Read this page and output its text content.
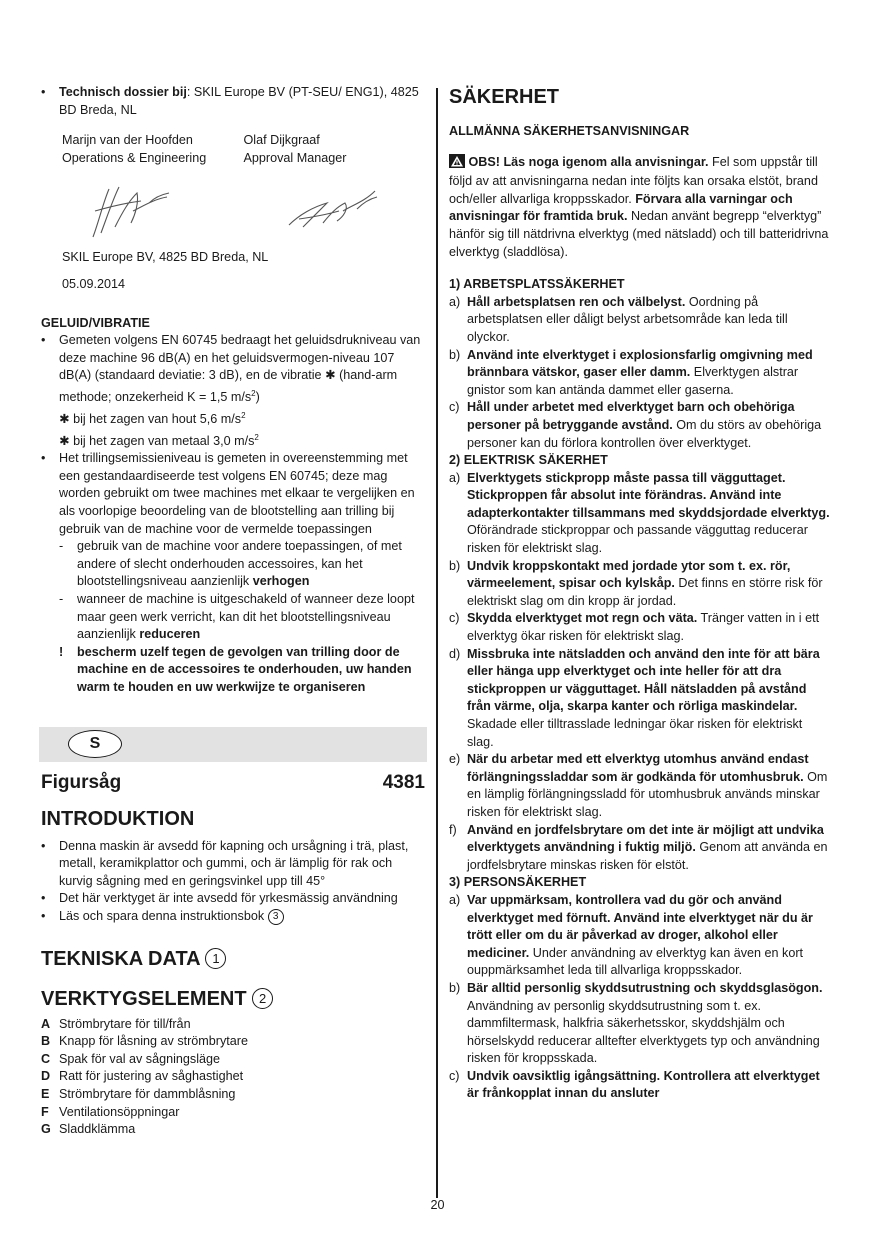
•	Technisch dossier bij: SKIL Europe BV (PT-SEU/ ENG1), 4825 BD Breda, NL
Marijn van der Hoofden
Operations & Engineering
Olaf Dijkgraaf
Approval Manager
SKIL Europe BV, 4825 BD Breda, NL
05.09.2014
GELUID/VIBRATIE
•	Gemeten volgens EN 60745 bedraagt het geluidsdrukniveau van deze machine 96 dB(A) en het geluidsvermogen-niveau 107 dB(A) (standaard deviatie: 3 dB), en de vibratie ✱ (hand-arm methode; onzekerheid K = 1,5 $m/s^2$)
✱ bij het zagen van hout 5,6 $m/s^2$
✱ bij het zagen van metaal 3,0 $m/s^2$
•	Het trillingsemissieniveau is gemeten in overeenstemming met een gestandaardiseerde test volgens EN 60745; deze mag worden gebruikt om twee machines met elkaar te vergelijken en als voorlopige beoordeling van de blootstelling aan trilling bij gebruik van de machine voor de vermelde toepassingen
-	gebruik van de machine voor andere toepassingen, of met andere of slecht onderhouden accessoires, kan het blootstellingsniveau aanzienlijk verhogen
-	wanneer de machine is uitgeschakeld of wanneer deze loopt maar geen werk verricht, kan dit het blootstellingsniveau aanzienlijk reduceren
!	bescherm uzelf tegen de gevolgen van trilling door de machine en de accessoires te onderhouden, uw handen warm te houden en uw werkwijze te organiseren
S
Figursåg	4381
INTRODUKTION
•	Denna maskin är avsedd för kapning och ursågning i trä, plast, metall, keramikplattor och gummi, och är lämplig för rak och kurvig sågning med en geringsvinkel upp till 45°
•	Det här verktyget är inte avsedd för yrkesmässig användning
•	Läs och spara denna instruktionsbok 3
TEKNISKA DATA 1
VERKTYGSELEMENT 2
A Strömbrytare för till/från
B Knapp för låsning av strömbrytare
C Spak för val av sågningsläge
D Ratt för justering av såghastighet
E Strömbrytare för dammblåsning
F Ventilationsöppningar
G Sladdklämma
SÄKERHET
ALLMÄNNA SÄKERHETSANVISNINGAR
OBS! Läs noga igenom alla anvisningar. Fel som uppstår till följd av att anvisningarna nedan inte följts kan orsaka elstöt, brand och/eller allvarliga kroppsskador. Förvara alla varningar och anvisningar för framtida bruk. Nedan använt begrepp “elverktyg” hänför sig till nätdrivna elverktyg (med nätsladd) och till batteridrivna elverktyg (sladdlösa).
1) ARBETSPLATSSÄKERHET
a) Håll arbetsplatsen ren och välbelyst. Oordning på arbetsplatsen eller dåligt belyst arbetsområde kan leda till olyckor.
b) Använd inte elverktyget i explosionsfarlig omgivning med brännbara vätskor, gaser eller damm. Elverktygen alstrar gnistor som kan antända dammet eller gaserna.
c) Håll under arbetet med elverktyget barn och obehöriga personer på betryggande avstånd. Om du störs av obehöriga personer kan du förlora kontrollen över elverktyget.
2) ELEKTRISK SÄKERHET
a) Elverktygets stickpropp måste passa till vägguttaget. Stickproppen får absolut inte förändras. Använd inte adapterkontakter tillsammans med skyddsjordade elverktyg. Oförändrade stickproppar och passande vägguttag reducerar risken för elektriskt slag.
b) Undvik kroppskontakt med jordade ytor som t. ex. rör, värmeelement, spisar och kylskåp. Det finns en större risk för elektriskt slag om din kropp är jordad.
c) Skydda elverktyget mot regn och väta. Tränger vatten in i ett elverktyg ökar risken för elektriskt slag.
d) Missbruka inte nätsladden och använd den inte för att bära eller hänga upp elverktyget och inte heller för att dra stickproppen ur vägguttaget. Håll nätsladden på avstånd från värme, olja, skarpa kanter och rörliga maskindelar. Skadade eller tilltrasslade ledningar ökar risken för elektriskt slag.
e) När du arbetar med ett elverktyg utomhus använd endast förlängningssladdar som är godkända för utomhusbruk. Om en lämplig förlängningssladd för utomhusbruk används minskar risken för elektriskt slag.
f) Använd en jordfelsbrytare om det inte är möjligt att undvika elverktygets användning i fuktig miljö. Genom att använda en jordfelsbrytare minskas risken för elstöt.
3) PERSONSÄKERHET
a) Var uppmärksam, kontrollera vad du gör och använd elverktyget med förnuft. Använd inte elverktyget när du är trött eller om du är påverkad av droger, alkohol eller mediciner. Under användning av elverktyg kan även en kort ouppmärksamhet leda till allvarliga kroppsskador.
b) Bär alltid personlig skyddsutrustning och skyddsglasögon. Användning av personlig skyddsutrustning som t. ex. dammfiltermask, halkfria säkerhetsskor, skyddshjälm och hörselskydd reducerar alltefter elverktygets typ och användning risken för kroppsskada.
c) Undvik oavsiktlig igångsättning. Kontrollera att elverktyget är frånkopplat innan du ansluter
20
